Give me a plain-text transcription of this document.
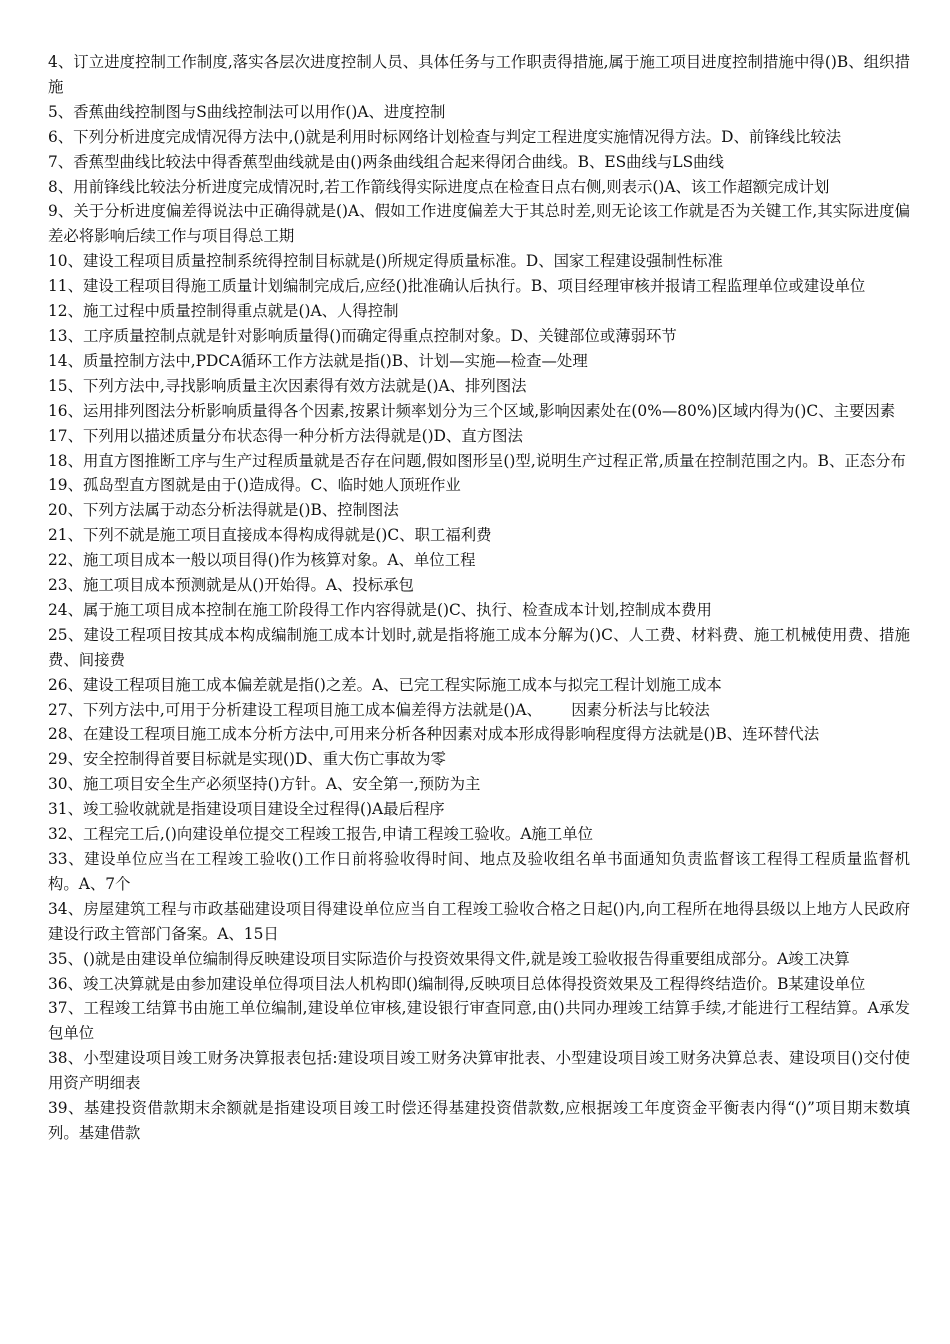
4、订立进度控制工作制度,落实各层次进度控制人员、具体任务与工作职责得措施,属于施工项目进度控制措施中得()B、组织措施

5、香蕉曲线控制图与S曲线控制法可以用作()A、进度控制

6、下列分析进度完成情况得方法中,()就是利用时标网络计划检查与判定工程进度实施情况得方法。D、前锋线比较法

7、香蕉型曲线比较法中得香蕉型曲线就是由()两条曲线组合起来得闭合曲线。B、ES曲线与LS曲线

8、用前锋线比较法分析进度完成情况时,若工作箭线得实际进度点在检查日点右侧,则表示()A、该工作超额完成计划

9、关于分析进度偏差得说法中正确得就是()A、假如工作进度偏差大于其总时差,则无论该工作就是否为关键工作,其实际进度偏差必将影响后续工作与项目得总工期

10、建设工程项目质量控制系统得控制目标就是()所规定得质量标准。D、国家工程建设强制性标准

11、建设工程项目得施工质量计划编制完成后,应经()批准确认后执行。B、项目经理审核并报请工程监理单位或建设单位

12、施工过程中质量控制得重点就是()A、人得控制

13、工序质量控制点就是针对影响质量得()而确定得重点控制对象。D、关键部位或薄弱环节

14、质量控制方法中,PDCA循环工作方法就是指()B、计划—实施—检查—处理

15、下列方法中,寻找影响质量主次因素得有效方法就是()A、排列图法

16、运用排列图法分析影响质量得各个因素,按累计频率划分为三个区域,影响因素处在(0%—80%)区域内得为()C、主要因素

17、下列用以描述质量分布状态得一种分析方法得就是()D、直方图法

18、用直方图推断工序与生产过程质量就是否存在问题,假如图形呈()型,说明生产过程正常,质量在控制范围之内。B、正态分布

19、孤岛型直方图就是由于()造成得。C、临时她人顶班作业

20、下列方法属于动态分析法得就是()B、控制图法

21、下列不就是施工项目直接成本得构成得就是()C、职工福利费

22、施工项目成本一般以项目得()作为核算对象。A、单位工程

23、施工项目成本预测就是从()开始得。A、投标承包

24、属于施工项目成本控制在施工阶段得工作内容得就是()C、执行、检查成本计划,控制成本费用

25、建设工程项目按其成本构成编制施工成本计划时,就是指将施工成本分解为()C、人工费、材料费、施工机械使用费、措施费、间接费

26、建设工程项目施工成本偏差就是指()之差。A、已完工程实际施工成本与拟完工程计划施工成本

27、下列方法中,可用于分析建设工程项目施工成本偏差得方法就是()A、      因素分析法与比较法

28、在建设工程项目施工成本分析方法中,可用来分析各种因素对成本形成得影响程度得方法就是()B、连环替代法

29、安全控制得首要目标就是实现()D、重大伤亡事故为零

30、施工项目安全生产必须坚持()方针。A、安全第一,预防为主

31、竣工验收就就是指建设项目建设全过程得()A最后程序

32、工程完工后,()向建设单位提交工程竣工报告,申请工程竣工验收。A施工单位

33、建设单位应当在工程竣工验收()工作日前将验收得时间、地点及验收组名单书面通知负责监督该工程得工程质量监督机构。A、7个

34、房屋建筑工程与市政基础建设项目得建设单位应当自工程竣工验收合格之日起()内,向工程所在地得县级以上地方人民政府建设行政主管部门备案。A、15日

35、()就是由建设单位编制得反映建设项目实际造价与投资效果得文件,就是竣工验收报告得重要组成部分。A竣工决算

36、竣工决算就是由参加建设单位得项目法人机构即()编制得,反映项目总体得投资效果及工程得终结造价。B某建设单位

37、工程竣工结算书由施工单位编制,建设单位审核,建设银行审查同意,由()共同办理竣工结算手续,才能进行工程结算。A承发包单位

38、小型建设项目竣工财务决算报表包括:建设项目竣工财务决算审批表、小型建设项目竣工财务决算总表、建设项目()交付使用资产明细表

39、基建投资借款期末余额就是指建设项目竣工时偿还得基建投资借款数,应根据竣工年度资金平衡表内得“()”项目期末数填列。基建借款
